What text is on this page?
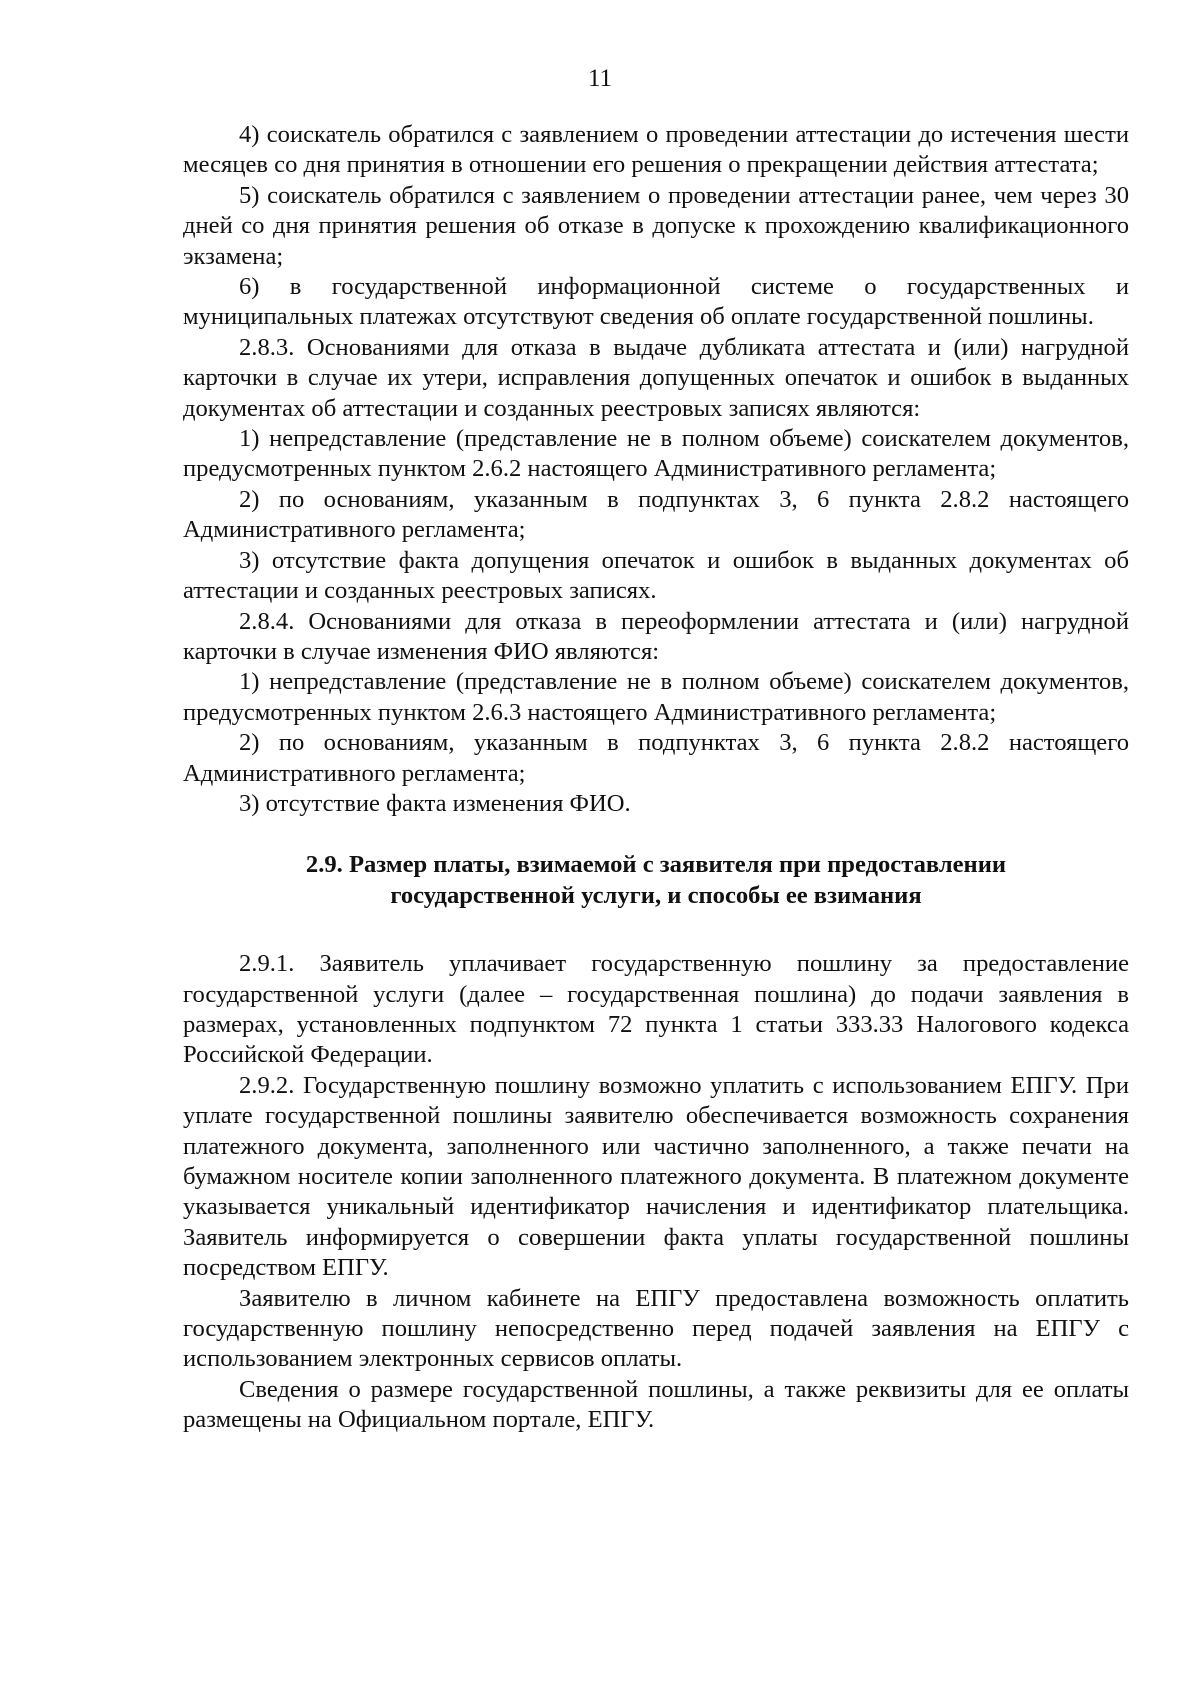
11

4) соискатель обратился с заявлением о проведении аттестации до истечения шести месяцев со дня принятия в отношении его решения о прекращении действия аттестата;

5) соискатель обратился с заявлением о проведении аттестации ранее, чем через 30 дней со дня принятия решения об отказе в допуске к прохождению квалификационного экзамена;

6) в государственной информационной системе о государственных и муниципальных платежах отсутствуют сведения об оплате государственной пошлины.

2.8.3. Основаниями для отказа в выдаче дубликата аттестата и (или) нагрудной карточки в случае их утери, исправления допущенных опечаток и ошибок в выданных документах об аттестации и созданных реестровых записях являются:

1) непредставление (представление не в полном объеме) соискателем документов, предусмотренных пунктом 2.6.2 настоящего Административного регламента;

2) по основаниям, указанным в подпунктах 3, 6 пункта 2.8.2 настоящего Административного регламента;

3) отсутствие факта допущения опечаток и ошибок в выданных документах об аттестации и созданных реестровых записях.

2.8.4. Основаниями для отказа в переоформлении аттестата и (или) нагрудной карточки в случае изменения ФИО являются:

1) непредставление (представление не в полном объеме) соискателем документов, предусмотренных пунктом 2.6.3 настоящего Административного регламента;

2) по основаниям, указанным в подпунктах 3, 6 пункта 2.8.2 настоящего Административного регламента;

3) отсутствие факта изменения ФИО.

2.9. Размер платы, взимаемой с заявителя при предоставлении государственной услуги, и способы ее взимания

2.9.1. Заявитель уплачивает государственную пошлину за предоставление государственной услуги (далее – государственная пошлина) до подачи заявления в размерах, установленных подпунктом 72 пункта 1 статьи 333.33 Налогового кодекса Российской Федерации.

2.9.2. Государственную пошлину возможно уплатить с использованием ЕПГУ. При уплате государственной пошлины заявителю обеспечивается возможность сохранения платежного документа, заполненного или частично заполненного, а также печати на бумажном носителе копии заполненного платежного документа. В платежном документе указывается уникальный идентификатор начисления и идентификатор плательщика. Заявитель информируется о совершении факта уплаты государственной пошлины посредством ЕПГУ.

Заявителю в личном кабинете на ЕПГУ предоставлена возможность оплатить государственную пошлину непосредственно перед подачей заявления на ЕПГУ с использованием электронных сервисов оплаты.

Сведения о размере государственной пошлины, а также реквизиты для ее оплаты размещены на Официальном портале, ЕПГУ.
